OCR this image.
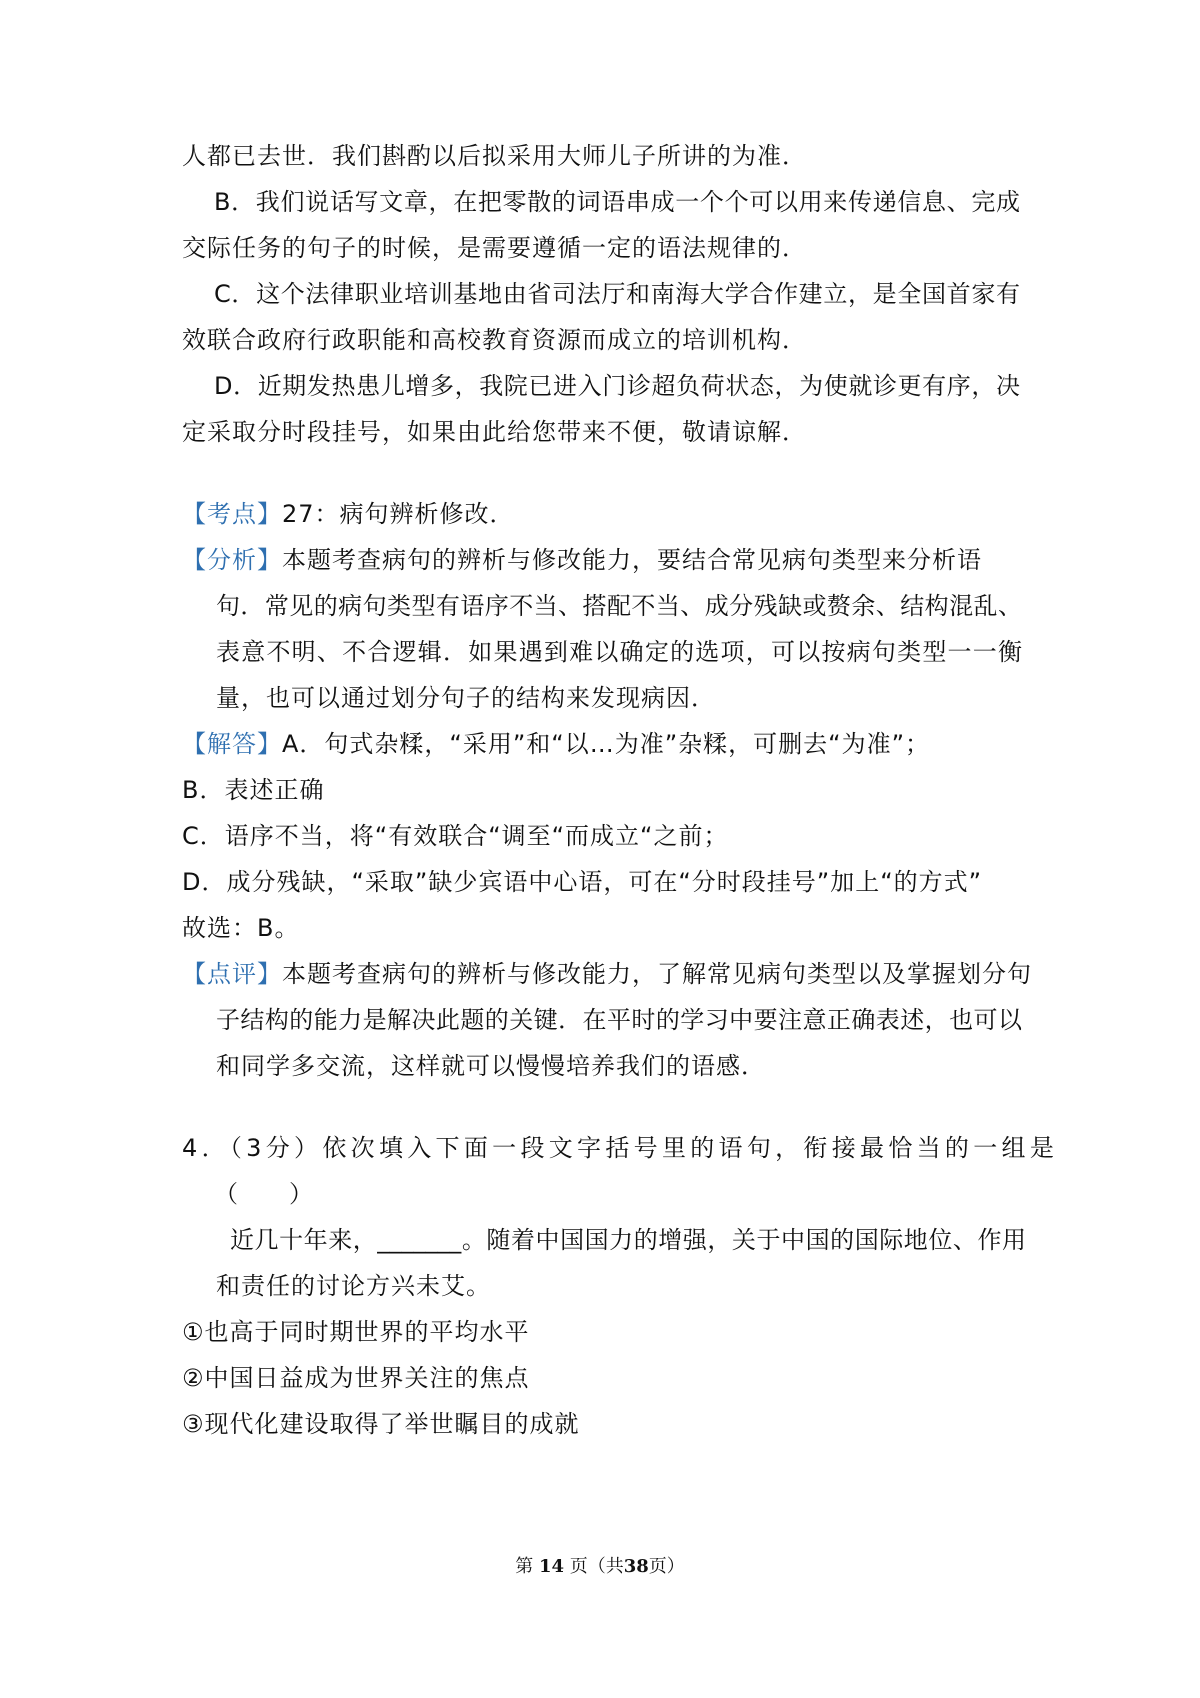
人都已去世．我们斟酌以后拟采用大师儿子所讲的为准．
B．我们说话写文章，在把零散的词语串成一个个可以用来传递信息、完成
交际任务的句子的时候，是需要遵循一定的语法规律的．
C．这个法律职业培训基地由省司法厅和南海大学合作建立，是全国首家有
效联合政府行政职能和高校教育资源而成立的培训机构．
D．近期发热患儿增多，我院已进入门诊超负荷状态，为使就诊更有序，决
定采取分时段挂号，如果由此给您带来不便，敬请谅解．
【考点】27：病句辨析修改．
【分析】本题考查病句的辨析与修改能力，要结合常见病句类型来分析语
句．常见的病句类型有语序不当、搭配不当、成分残缺或赘余、结构混乱、
表意不明、不合逻辑．如果遇到难以确定的选项，可以按病句类型一一衡
量，也可以通过划分句子的结构来发现病因．
【解答】A．句式杂糅，“采用”和“以…为准”杂糅，可删去“为准”；
B．表述正确
C．语序不当，将“有效联合“调至“而成立“之前；
D．成分残缺，“采取”缺少宾语中心语，可在“分时段挂号”加上“的方式”
故选：B。
【点评】本题考查病句的辨析与修改能力，了解常见病句类型以及掌握划分句
子结构的能力是解决此题的关键．在平时的学习中要注意正确表述，也可以
和同学多交流，这样就可以慢慢培养我们的语感．
4．（3分）依次填入下面一段文字括号里的语句，衔接最恰当的一组是
（　　）
近几十年来，_______。随着中国国力的增强，关于中国的国际地位、作用
和责任的讨论方兴未艾。
①也高于同时期世界的平均水平
②中国日益成为世界关注的焦点
③现代化建设取得了举世瞩目的成就
第 14 页（共38页）
